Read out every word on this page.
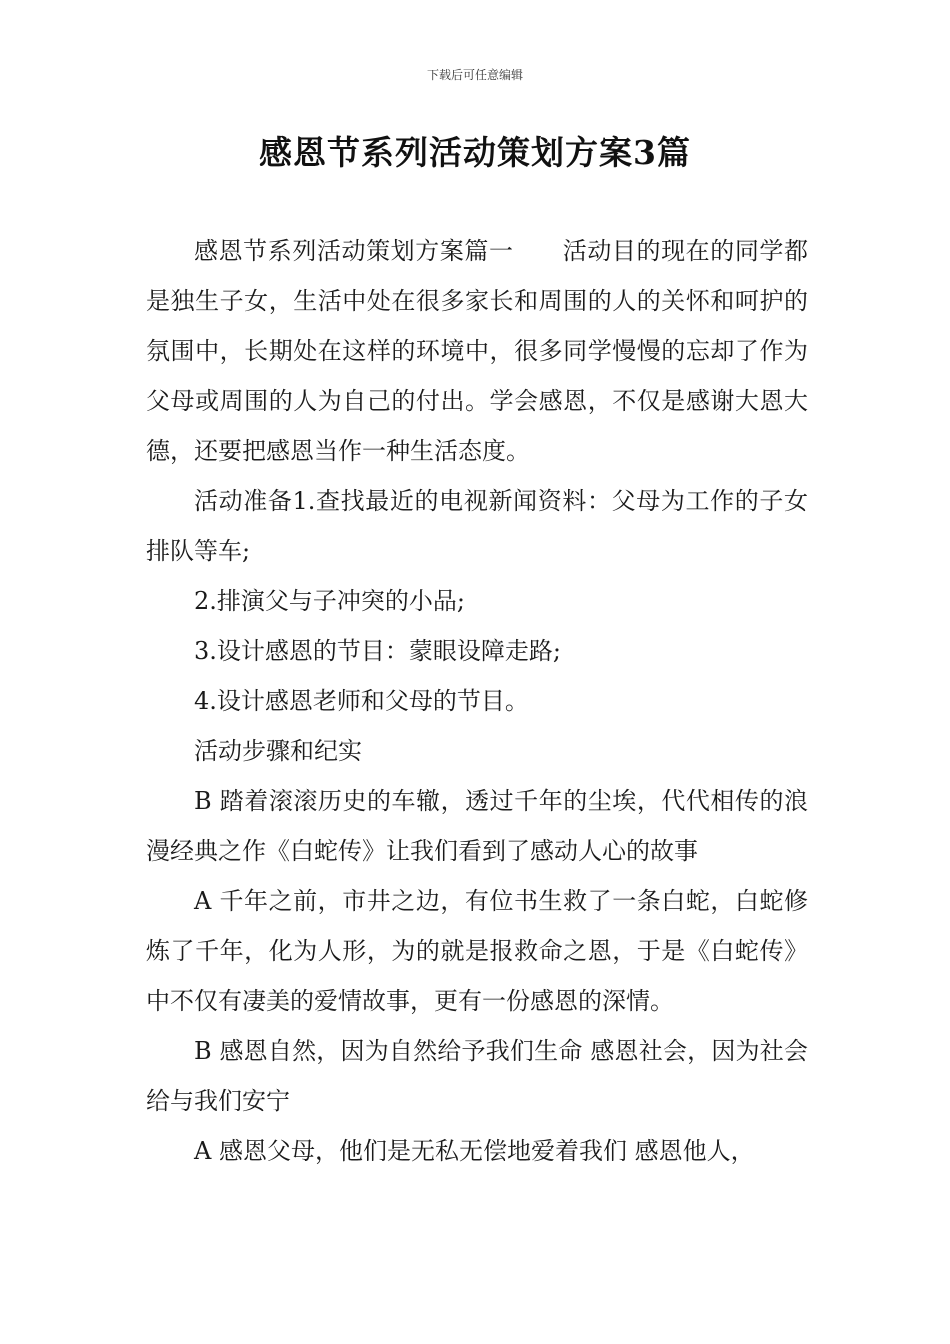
下载后可任意编辑
感恩节系列活动策划方案3篇

感恩节系列活动策划方案篇一　　活动目的现在的同学都是独生子女，生活中处在很多家长和周围的人的关怀和呵护的氛围中，长期处在这样的环境中，很多同学慢慢的忘却了作为父母或周围的人为自己的付出。学会感恩，不仅是感谢大恩大德，还要把感恩当作一种生活态度。

活动准备1.查找最近的电视新闻资料：父母为工作的子女排队等车;

2.排演父与子冲突的小品;

3.设计感恩的节目：蒙眼设障走路;

4.设计感恩老师和父母的节目。

活动步骤和纪实

B 踏着滚滚历史的车辙，透过千年的尘埃，代代相传的浪漫经典之作《白蛇传》让我们看到了感动人心的故事

A 千年之前，市井之边，有位书生救了一条白蛇，白蛇修炼了千年，化为人形，为的就是报救命之恩，于是《白蛇传》中不仅有凄美的爱情故事，更有一份感恩的深情。

B 感恩自然，因为自然给予我们生命 感恩社会，因为社会给与我们安宁

A 感恩父母，他们是无私无偿地爱着我们 感恩他人，
